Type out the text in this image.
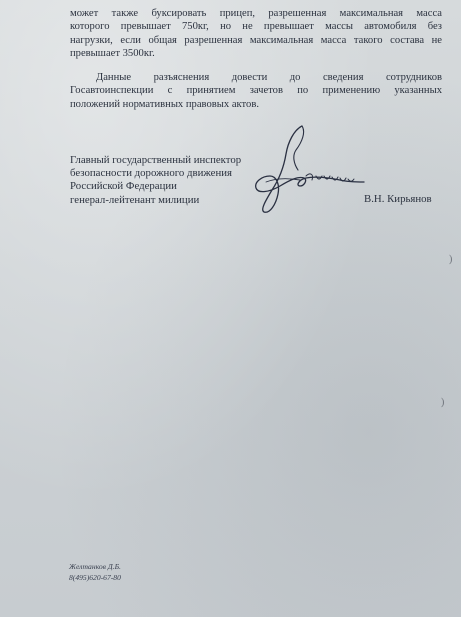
может также буксировать прицеп, разрешенная максимальная масса
которого превышает 750кг, но не превышает массы автомобиля без
нагрузки, если общая разрешенная максимальная масса такого состава не
превышает 3500кг.

Данные разъяснения довести до сведения сотрудников
Госавтоинспекции с принятием зачетов по применению указанных
положений нормативных правовых актов.

Главный государственный инспектор
безопасности дорожного движения
Российской Федерации
генерал-лейтенант милиции	В.Н. Кирьянов
)
)
Желтанков Д.Б.
8(495)620-67-80
